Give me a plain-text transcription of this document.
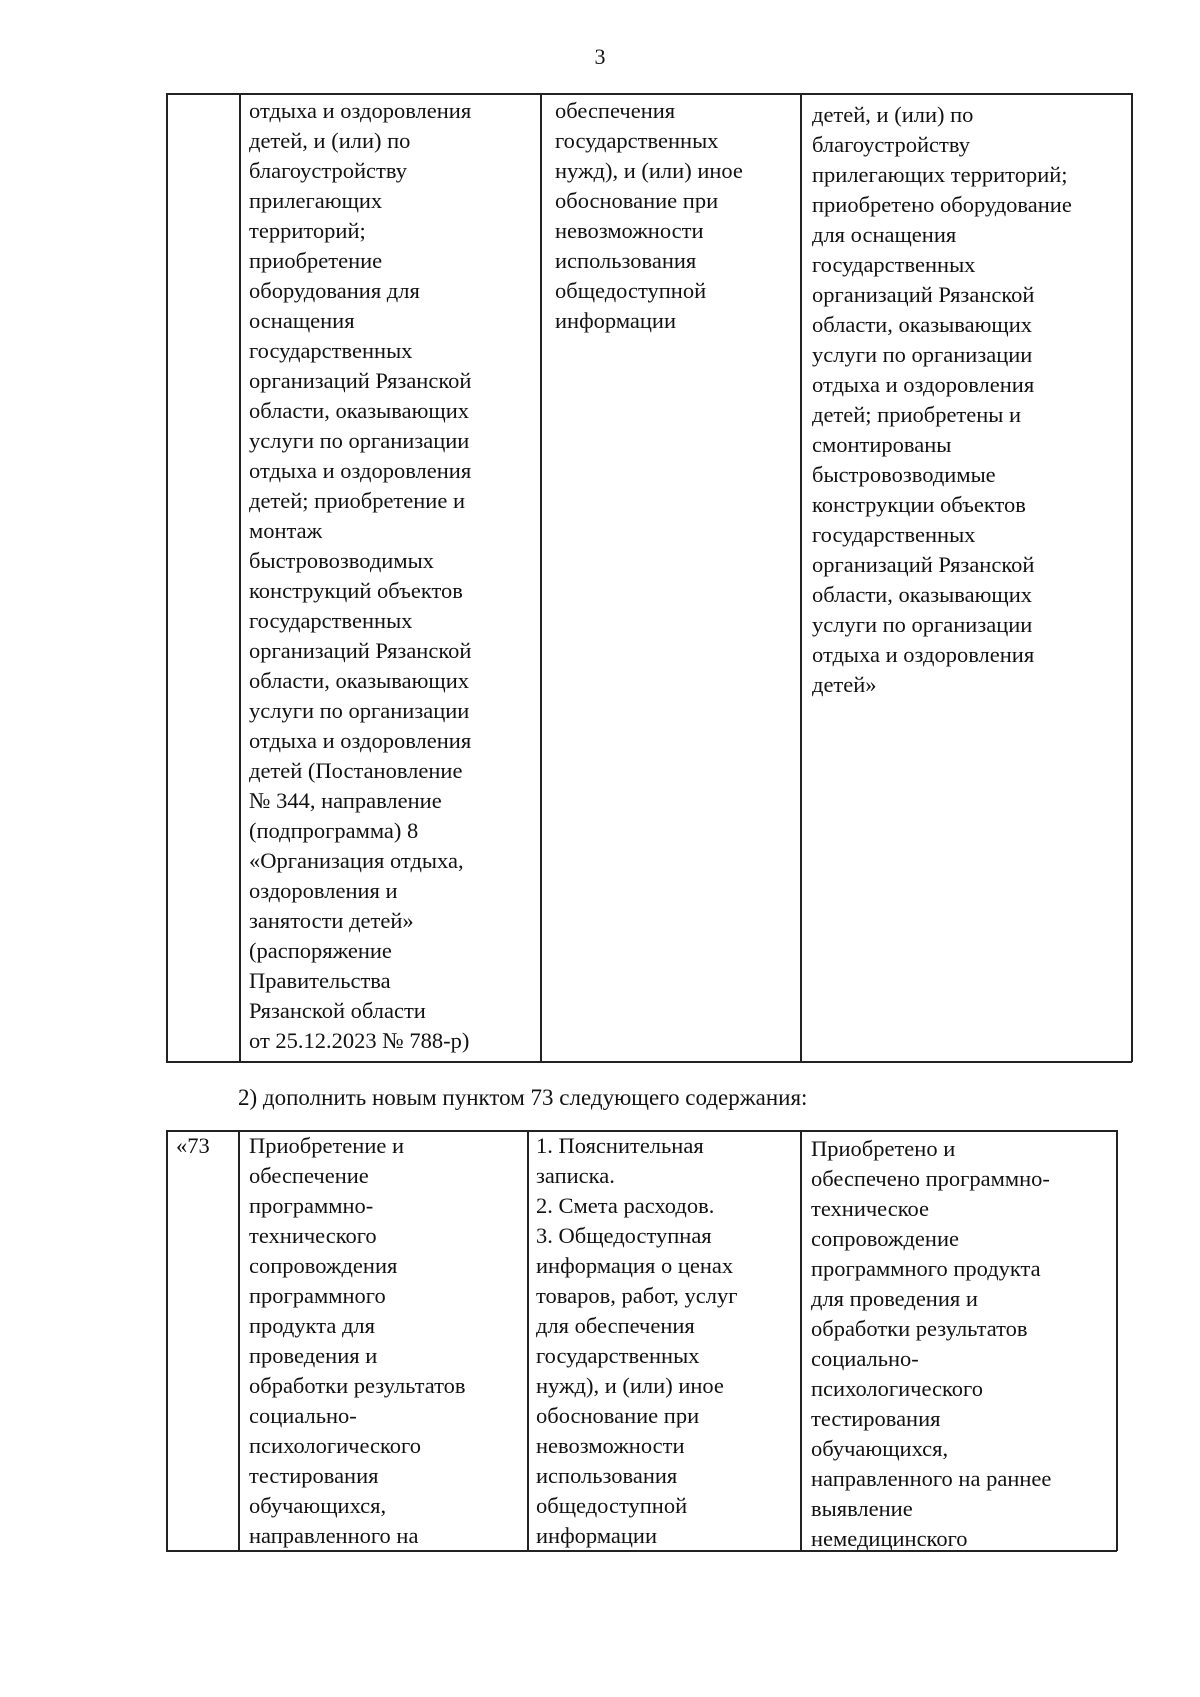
3
отдыха и оздоровления
детей, и (или) по
благоустройству
прилегающих
территорий;
приобретение
оборудования для
оснащения
государственных
организаций Рязанской
области, оказывающих
услуги по организации
отдыха и оздоровления
детей; приобретение и
монтаж
быстровозводимых
конструкций объектов
государственных
организаций Рязанской
области, оказывающих
услуги по организации
отдыха и оздоровления
детей (Постановление
№ 344, направление
(подпрограмма) 8
«Организация отдыха,
оздоровления и
занятости детей»
(распоряжение
Правительства
Рязанской области
от 25.12.2023 № 788-р)
обеспечения
государственных
нужд), и (или) иное
обоснование при
невозможности
использования
общедоступной
информации
детей, и (или) по
благоустройству
прилегающих территорий;
приобретено оборудование
для оснащения
государственных
организаций Рязанской
области, оказывающих
услуги по организации
отдыха и оздоровления
детей; приобретены и
смонтированы
быстровозводимые
конструкции объектов
государственных
организаций Рязанской
области, оказывающих
услуги по организации
отдыха и оздоровления
детей»
2) дополнить новым пунктом 73 следующего содержания:
«73 Приобретение и
обеспечение
программно-
технического
сопровождения
программного
продукта для
проведения и
обработки результатов
социально-
психологического
тестирования
обучающихся,
направленного на
1. Пояснительная
записка.
2. Смета расходов.
3. Общедоступная
информация о ценах
товаров, работ, услуг
для обеспечения
государственных
нужд), и (или) иное
обоснование при
невозможности
использования
общедоступной
информации
Приобретено и
обеспечено программно-
техническое
сопровождение
программного продукта
для проведения и
обработки результатов
социально-
психологического
тестирования
обучающихся,
направленного на раннее
выявление
немедицинского
